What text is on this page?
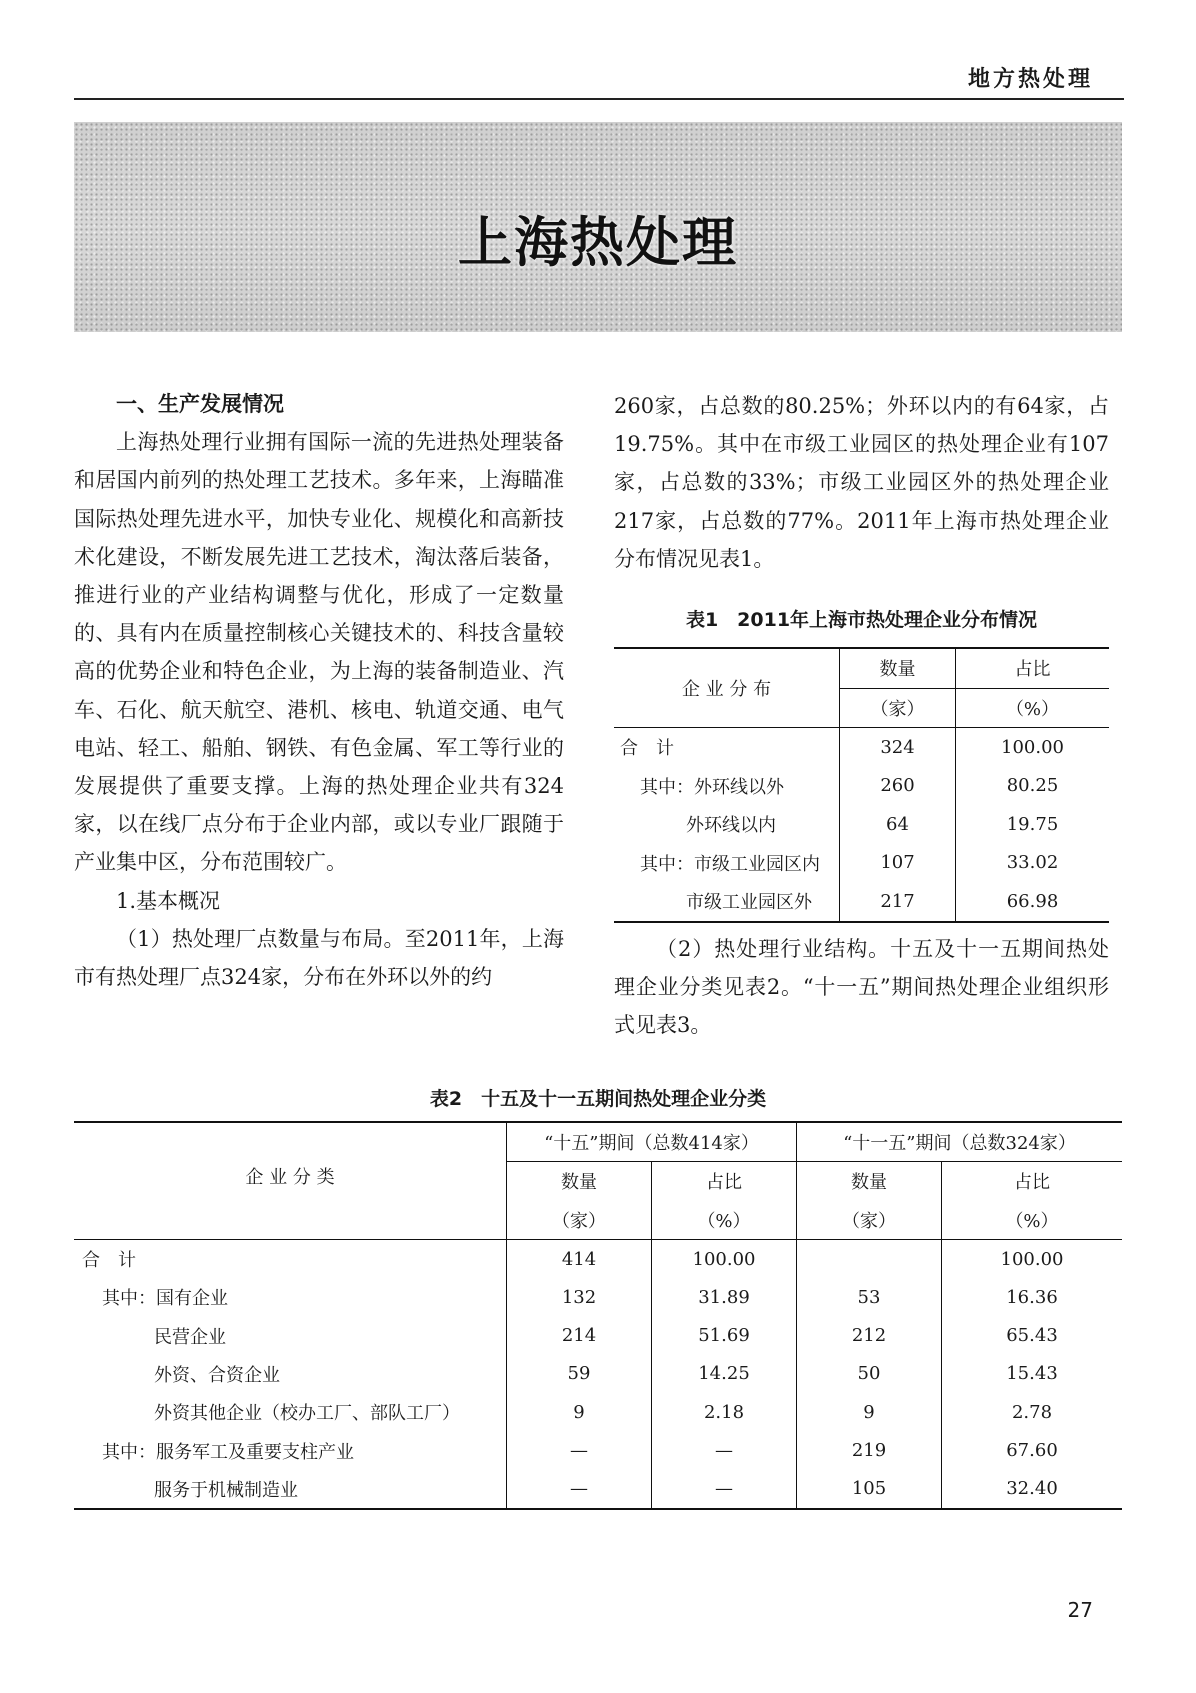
地方热处理
上海热处理

一、生产发展情况

上海热处理行业拥有国际一流的先进热处理装备和居国内前列的热处理工艺技术。多年来，上海瞄准国际热处理先进水平，加快专业化、规模化和高新技术化建设，不断发展先进工艺技术，淘汰落后装备，推进行业的产业结构调整与优化，形成了一定数量的、具有内在质量控制核心关键技术的、科技含量较高的优势企业和特色企业，为上海的装备制造业、汽车、石化、航天航空、港机、核电、轨道交通、电气电站、轻工、船舶、钢铁、有色金属、军工等行业的发展提供了重要支撑。上海的热处理企业共有324家，以在线厂点分布于企业内部，或以专业厂跟随于产业集中区，分布范围较广。

1.基本概况

（1）热处理厂点数量与布局。至2011年，上海市有热处理厂点324家，分布在外环以外的约

260家，占总数的80.25%；外环以内的有64家，占19.75%。其中在市级工业园区的热处理企业有107家，占总数的33%；市级工业园区外的热处理企业217家，占总数的77%。2011年上海市热处理企业分布情况见表1。

表1　2011年上海市热处理企业分布情况
企 业 分 布	数量	占比
	（家）	（%）
合　计	324	100.00
其中：外环线以外	260	80.25
外环线以内	64	19.75
其中：市级工业园区内	107	33.02
市级工业园区外	217	66.98

（2）热处理行业结构。十五及十一五期间热处理企业分类见表2。“十一五”期间热处理企业组织形式见表3。

表2　十五及十一五期间热处理企业分类
企 业 分 类	“十五”期间（总数414家）		“十一五”期间（总数324家）	
	数量	占比	数量	占比
	（家）	（%）	（家）	（%）
合　计	414	100.00		100.00
其中：国有企业	132	31.89	53	16.36
民营企业	214	51.69	212	65.43
外资、合资企业	59	14.25	50	15.43
外资其他企业（校办工厂、部队工厂）	9	2.18	9	2.78
其中：服务军工及重要支柱产业	—	—	219	67.60
服务于机械制造业	—	—	105	32.40
27
